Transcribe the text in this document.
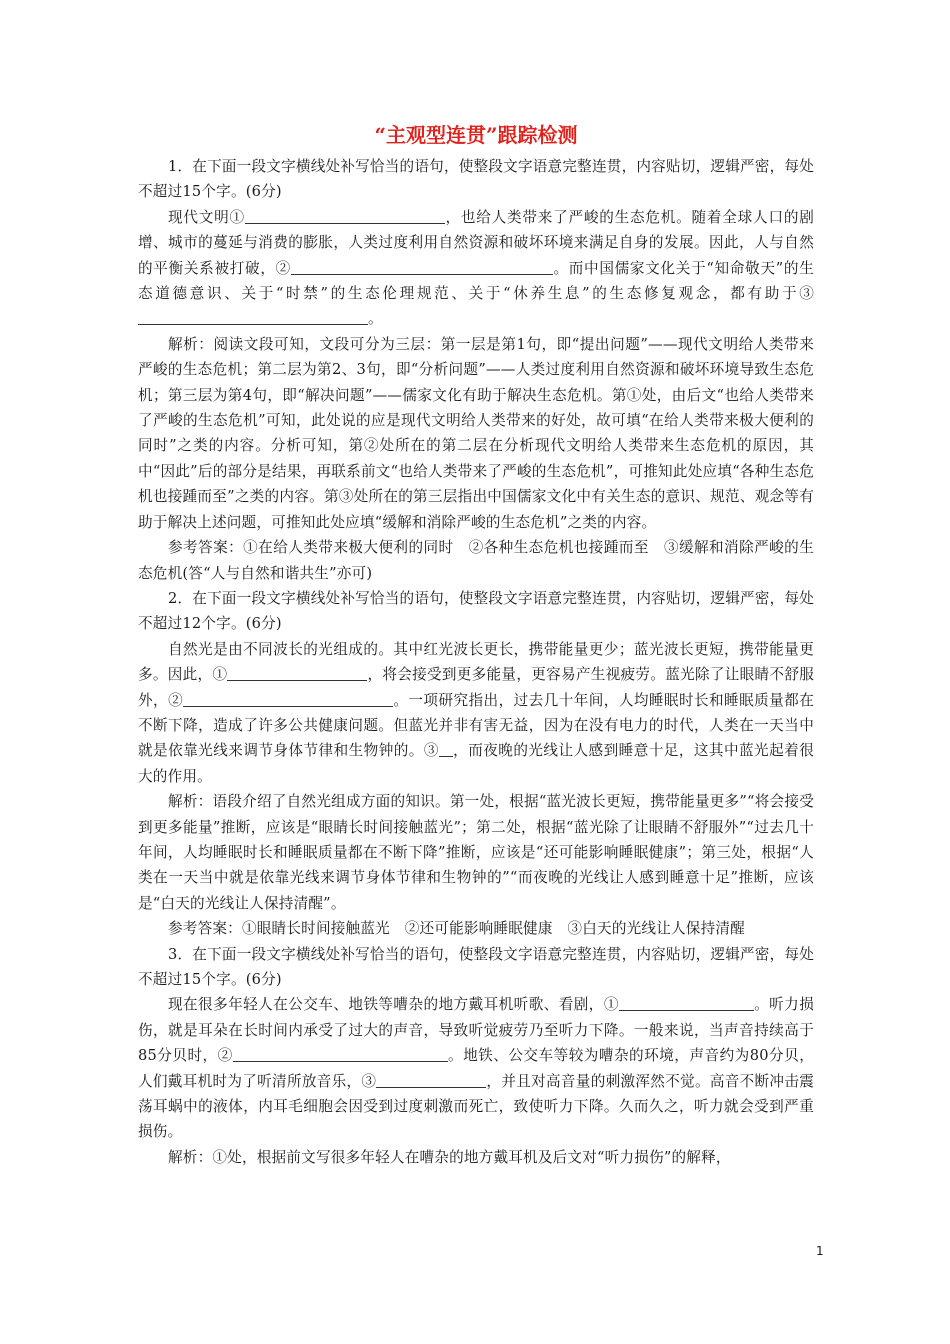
“主观型连贯”跟踪检测

1．在下面一段文字横线处补写恰当的语句，使整段文字语意完整连贯，内容贴切，逻辑严密，每处不超过15个字。(6分)

现代文明①	，也给人类带来了严峻的生态危机。随着全球人口的剧增、城市的蔓延与消费的膨胀，人类过度利用自然资源和破坏环境来满足自身的发展。因此，人与自然的平衡关系被打破，②	。而中国儒家文化关于“知命敬天”的生态道德意识、关于“时禁”的生态伦理规范、关于“休养生息”的生态修复观念，都有助于③。

解析：阅读文段可知，文段可分为三层：第一层是第1句，即“提出问题”——现代文明给人类带来严峻的生态危机；第二层为第2、3句，即“分析问题”——人类过度利用自然资源和破坏环境导致生态危机；第三层为第4句，即“解决问题”——儒家文化有助于解决生态危机。第①处，由后文“也给人类带来了严峻的生态危机”可知，此处说的应是现代文明给人类带来的好处，故可填“在给人类带来极大便利的同时”之类的内容。分析可知，第②处所在的第二层在分析现代文明给人类带来生态危机的原因，其中“因此”后的部分是结果，再联系前文“也给人类带来了严峻的生态危机”，可推知此处应填“各种生态危机也接踵而至”之类的内容。第③处所在的第三层指出中国儒家文化中有关生态的意识、规范、观念等有助于解决上述问题，可推知此处应填“缓解和消除严峻的生态危机”之类的内容。

参考答案：①在给人类带来极大便利的同时　②各种生态危机也接踵而至　③缓解和消除严峻的生态危机(答“人与自然和谐共生”亦可)

2．在下面一段文字横线处补写恰当的语句，使整段文字语意完整连贯，内容贴切，逻辑严密，每处不超过12个字。(6分)

自然光是由不同波长的光组成的。其中红光波长更长，携带能量更少；蓝光波长更短，携带能量更多。因此，①	，将会接受到更多能量，更容易产生视疲劳。蓝光除了让眼睛不舒服外，②	。一项研究指出，过去几十年间，人均睡眠时长和睡眠质量都在不断下降，造成了许多公共健康问题。但蓝光并非有害无益，因为在没有电力的时代，人类在一天当中就是依靠光线来调节身体节律和生物钟的。③ ，而夜晚的光线让人感到睡意十足，这其中蓝光起着很大的作用。

解析：语段介绍了自然光组成方面的知识。第一处，根据“蓝光波长更短，携带能量更多”“将会接受到更多能量”推断，应该是“眼睛长时间接触蓝光”；第二处，根据“蓝光除了让眼睛不舒服外”“过去几十年间，人均睡眠时长和睡眠质量都在不断下降”推断，应该是“还可能影响睡眠健康”；第三处，根据“人类在一天当中就是依靠光线来调节身体节律和生物钟的”“而夜晚的光线让人感到睡意十足”推断，应该是“白天的光线让人保持清醒”。

参考答案：①眼睛长时间接触蓝光　②还可能影响睡眠健康　③白天的光线让人保持清醒

3．在下面一段文字横线处补写恰当的语句，使整段文字语意完整连贯，内容贴切，逻辑严密，每处不超过15个字。(6分)

现在很多年轻人在公交车、地铁等嘈杂的地方戴耳机听歌、看剧，①	。听力损伤，就是耳朵在长时间内承受了过大的声音，导致听觉疲劳乃至听力下降。一般来说，当声音持续高于85分贝时，②	。地铁、公交车等较为嘈杂的环境，声音约为80分贝，人们戴耳机时为了听清所放音乐，③	，并且对高音量的刺激浑然不觉。高音不断冲击震荡耳蜗中的液体，内耳毛细胞会因受到过度刺激而死亡，致使听力下降。久而久之，听力就会受到严重损伤。

解析：①处，根据前文写很多年轻人在嘈杂的地方戴耳机及后文对“听力损伤”的解释，

1
